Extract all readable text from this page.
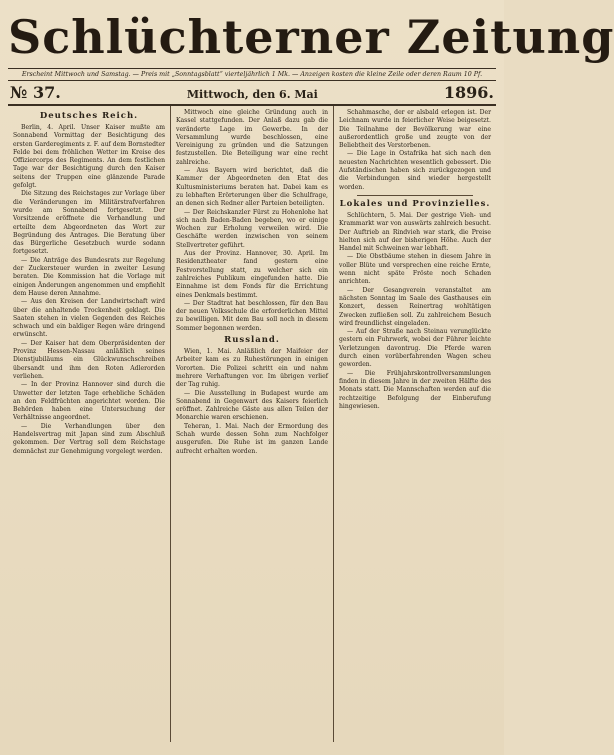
Schlüchterner Zeitung
Erscheint Mittwoch und Samstag. — Preis mit „Sonntagsblatt“ vierteljährlich 1 Mk. — Anzeigen kosten die kleine Zeile oder deren Raum 10 Pf.
№ 37.	Mittwoch, den 6. Mai	1896.
Deutsches Reich.

Berlin, 4. April. Unser Kaiser mußte am Sonnabend Vormittag der Besichtigung des ersten Garderegiments z. F. auf dem Bornstedter Felde bei dem fröhlichen Wetter im Kreise des Offiziercorps des Regiments. An dem festlichen Tage war der Besichtigung durch den Kaiser seitens der Truppen eine glänzende Parade gefolgt.

Die Sitzung des Reichstages zur Vorlage über die Veränderungen im Militärstrafverfahren wurde am Sonnabend fortgesetzt. Der Vorsitzende eröffnete die Verhandlung und erteilte dem Abgeordneten das Wort zur Begründung des Antrages. Die Beratung über das Bürgerliche Gesetzbuch wurde sodann fortgesetzt.

— Die Anträge des Bundesrats zur Regelung der Zuckersteuer wurden in zweiter Lesung beraten. Die Kommission hat die Vorlage mit einigen Änderungen angenommen und empfiehlt dem Hause deren Annahme.

— Aus den Kreisen der Landwirtschaft wird über die anhaltende Trockenheit geklagt. Die Saaten stehen in vielen Gegenden des Reiches schwach und ein baldiger Regen wäre dringend erwünscht.

— Der Kaiser hat dem Oberpräsidenten der Provinz Hessen-Nassau anläßlich seines Dienstjubiläums ein Glückwunschschreiben übersandt und ihm den Roten Adlerorden verliehen.

— In der Provinz Hannover sind durch die Unwetter der letzten Tage erhebliche Schäden an den Feldfrüchten angerichtet worden. Die Behörden haben eine Untersuchung der Verhältnisse angeordnet.

— Die Verhandlungen über den Handelsvertrag mit Japan sind zum Abschluß gekommen. Der Vertrag soll dem Reichstage demnächst zur Genehmigung vorgelegt werden.

Mittwoch eine gleiche Gründung auch in Kassel stattgefunden. Der Anlaß dazu gab die veränderte Lage im Gewerbe. In der Versammlung wurde beschlossen, eine Vereinigung zu gründen und die Satzungen festzustellen. Die Beteiligung war eine recht zahlreiche.

— Aus Bayern wird berichtet, daß die Kammer der Abgeordneten den Etat des Kultusministeriums beraten hat. Dabei kam es zu lebhaften Erörterungen über die Schulfrage, an denen sich Redner aller Parteien beteiligten.

— Der Reichskanzler Fürst zu Hohenlohe hat sich nach Baden-Baden begeben, wo er einige Wochen zur Erholung verweilen wird. Die Geschäfte werden inzwischen von seinem Stellvertreter geführt.

Aus der Provinz. Hannover, 30. April. Im Residenztheater fand gestern eine Festvorstellung statt, zu welcher sich ein zahlreiches Publikum eingefunden hatte. Die Einnahme ist dem Fonds für die Errichtung eines Denkmals bestimmt.

— Der Stadtrat hat beschlossen, für den Bau der neuen Volksschule die erforderlichen Mittel zu bewilligen. Mit dem Bau soll noch in diesem Sommer begonnen werden.

Russland.

Wien, 1. Mai. Anläßlich der Maifeier der Arbeiter kam es zu Ruhestörungen in einigen Vororten. Die Polizei schritt ein und nahm mehrere Verhaftungen vor. Im übrigen verlief der Tag ruhig.

— Die Ausstellung in Budapest wurde am Sonnabend in Gegenwart des Kaisers feierlich eröffnet. Zahlreiche Gäste aus allen Teilen der Monarchie waren erschienen.

Teheran, 1. Mai. Nach der Ermordung des Schah wurde dessen Sohn zum Nachfolger ausgerufen. Die Ruhe ist im ganzen Lande aufrecht erhalten worden.

Schahmasche, der er alsbald erlegen ist. Der Leichnam wurde in feierlicher Weise beigesetzt. Die Teilnahme der Bevölkerung war eine außerordentlich große und zeugte von der Beliebtheit des Verstorbenen.

— Die Lage in Ostafrika hat sich nach den neuesten Nachrichten wesentlich gebessert. Die Aufständischen haben sich zurückgezogen und die Verbindungen sind wieder hergestellt worden.

Lokales und Provinzielles.

Schlüchtern, 5. Mai. Der gestrige Vieh- und Krammarkt war von auswärts zahlreich besucht. Der Auftrieb an Rindvieh war stark, die Preise hielten sich auf der bisherigen Höhe. Auch der Handel mit Schweinen war lebhaft.

— Die Obstbäume stehen in diesem Jahre in voller Blüte und versprechen eine reiche Ernte, wenn nicht späte Fröste noch Schaden anrichten.

— Der Gesangverein veranstaltet am nächsten Sonntag im Saale des Gasthauses ein Konzert, dessen Reinertrag wohltätigen Zwecken zufließen soll. Zu zahlreichem Besuch wird freundlichst eingeladen.

— Auf der Straße nach Steinau verunglückte gestern ein Fuhrwerk, wobei der Führer leichte Verletzungen davontrug. Die Pferde waren durch einen vorüberfahrenden Wagen scheu geworden.

— Die Frühjahrskontrollversammlungen finden in diesem Jahre in der zweiten Hälfte des Monats statt. Die Mannschaften werden auf die rechtzeitige Befolgung der Einberufung hingewiesen.
